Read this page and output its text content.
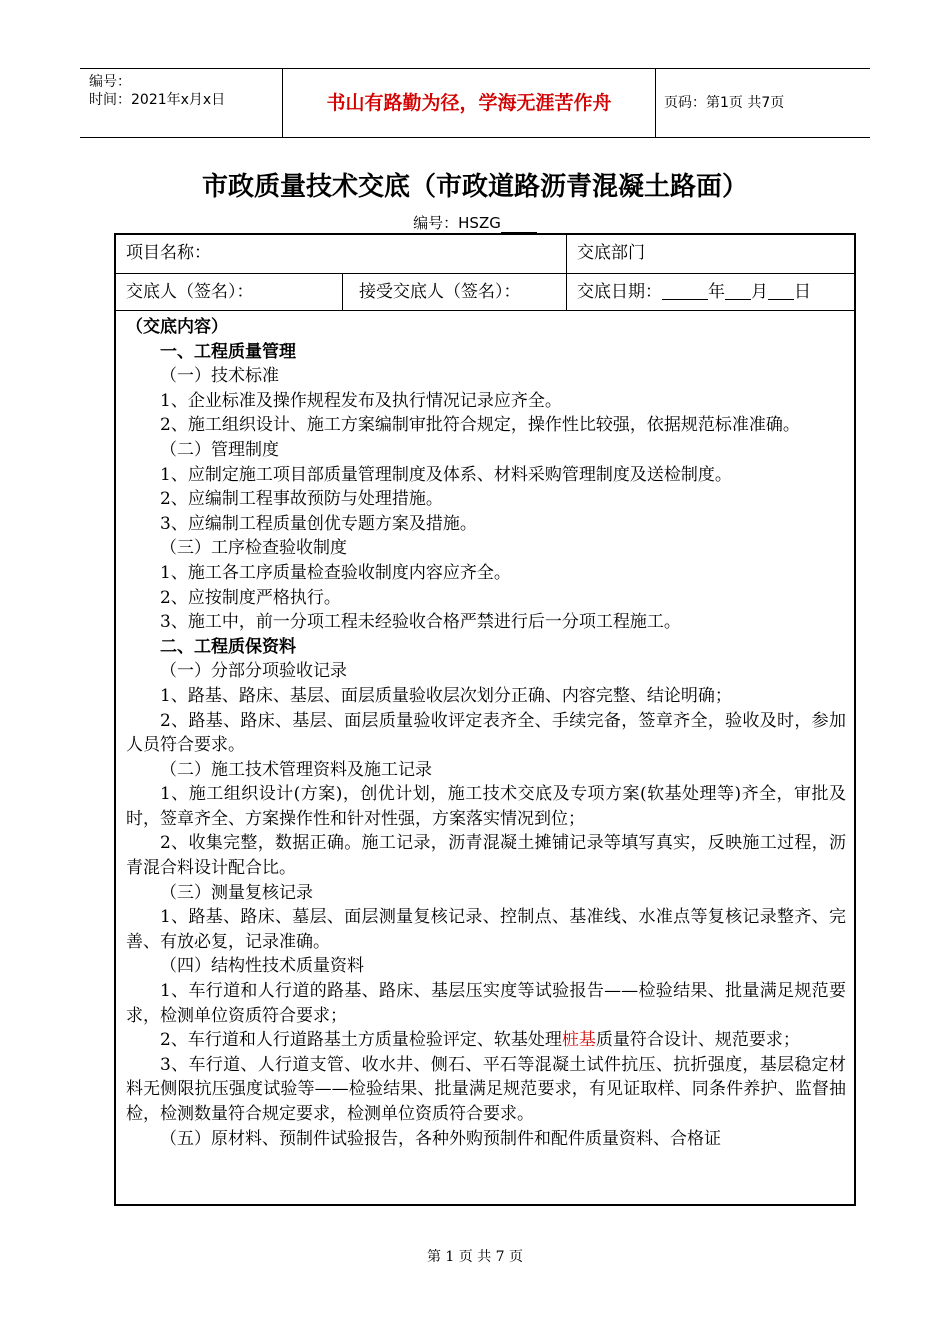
编号：
时间：2021年x月x日	书山有路勤为径，学海无涯苦作舟	页码：第1页 共7页
市政质量技术交底（市政道路沥青混凝土路面）
编号：HSZG
项目名称：	交底部门
交底人（签名）：	接受交底人（签名）：	交底日期：	年 月 日

（交底内容）

一、工程质量管理

（一）技术标准

1、企业标准及操作规程发布及执行情况记录应齐全。

2、施工组织设计、施工方案编制审批符合规定，操作性比较强，依据规范标准准确。

（二）管理制度

1、应制定施工项目部质量管理制度及体系、材料采购管理制度及送检制度。

2、应编制工程事故预防与处理措施。

3、应编制工程质量创优专题方案及措施。

（三）工序检查验收制度

1、施工各工序质量检查验收制度内容应齐全。

2、应按制度严格执行。

3、施工中，前一分项工程未经验收合格严禁进行后一分项工程施工。

二、工程质保资料

（一）分部分项验收记录

1、路基、路床、基层、面层质量验收层次划分正确、内容完整、结论明确；

2、路基、路床、基层、面层质量验收评定表齐全、手续完备，签章齐全，验收及时，参加人员符合要求。

（二）施工技术管理资料及施工记录

1、施工组织设计(方案)，创优计划，施工技术交底及专项方案(软基处理等)齐全，审批及时，签章齐全、方案操作性和针对性强，方案落实情况到位；

2、收集完整，数据正确。施工记录，沥青混凝土摊铺记录等填写真实，反映施工过程，沥青混合料设计配合比。

（三）测量复核记录

1、路基、路床、墓层、面层测量复核记录、控制点、基准线、水准点等复核记录整齐、完善、有放必复，记录准确。

（四）结构性技术质量资料

1、车行道和人行道的路基、路床、基层压实度等试验报告——检验结果、批量满足规范要求，检测单位资质符合要求；

2、车行道和人行道路基土方质量检验评定、软基处理桩基质量符合设计、规范要求；

3、车行道、人行道支管、收水井、侧石、平石等混凝土试件抗压、抗折强度，基层稳定材料无侧限抗压强度试验等——检验结果、批量满足规范要求，有见证取样、同条件养护、监督抽检，检测数量符合规定要求，检测单位资质符合要求。

（五）原材料、预制件试验报告，各种外购预制件和配件质量资料、合格证

第 1 页 共 7 页
